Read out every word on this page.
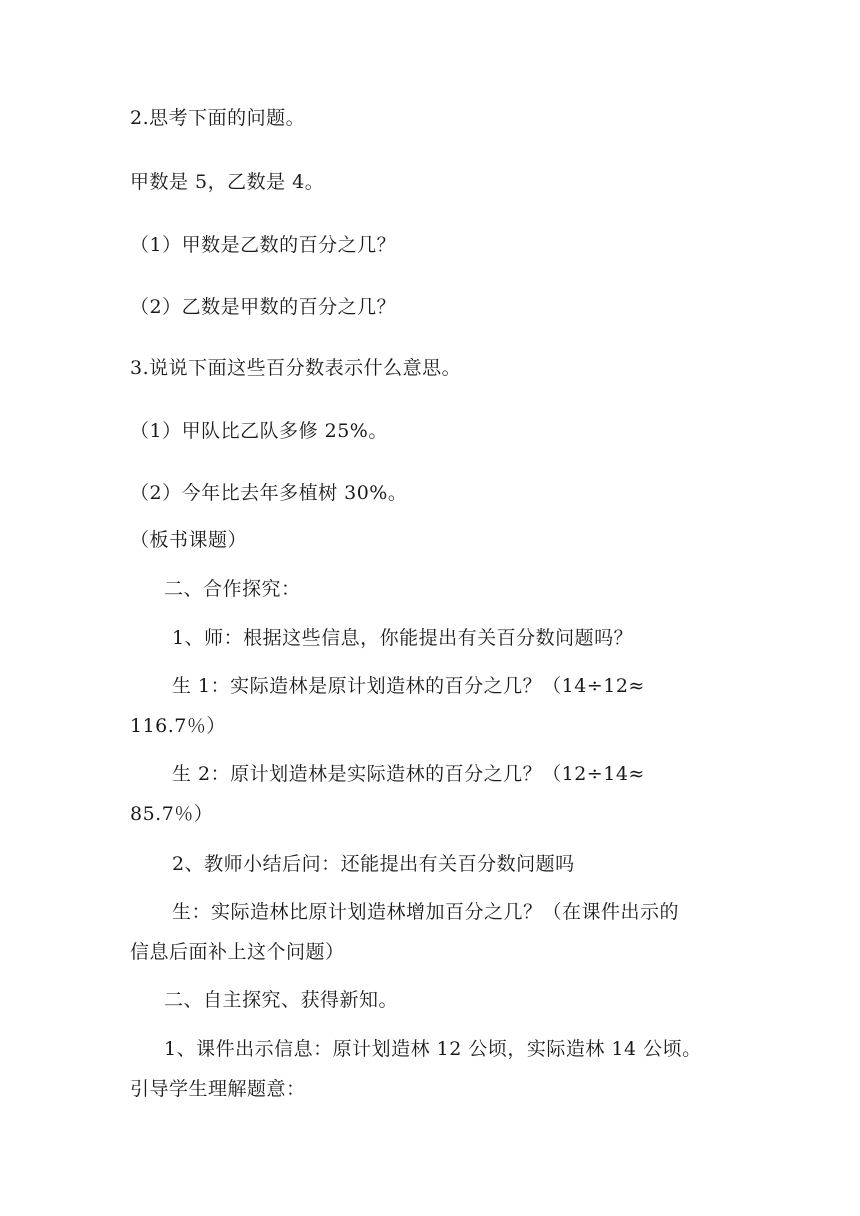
2.思考下面的问题。
甲数是 5，乙数是 4。
（1）甲数是乙数的百分之几？
（2）乙数是甲数的百分之几？
3.说说下面这些百分数表示什么意思。
（1）甲队比乙队多修 25%。
（2）今年比去年多植树 30%。
（板书课题）
二、合作探究：
1、师：根据这些信息，你能提出有关百分数问题吗？
生 1：实际造林是原计划造林的百分之几？（14÷12≈
116.7％）
生 2：原计划造林是实际造林的百分之几？（12÷14≈
85.7％）
2、教师小结后问：还能提出有关百分数问题吗
生：实际造林比原计划造林增加百分之几？（在课件出示的
信息后面补上这个问题）
二、自主探究、获得新知。
1、课件出示信息：原计划造林 12 公顷，实际造林 14 公顷。
引导学生理解题意：
